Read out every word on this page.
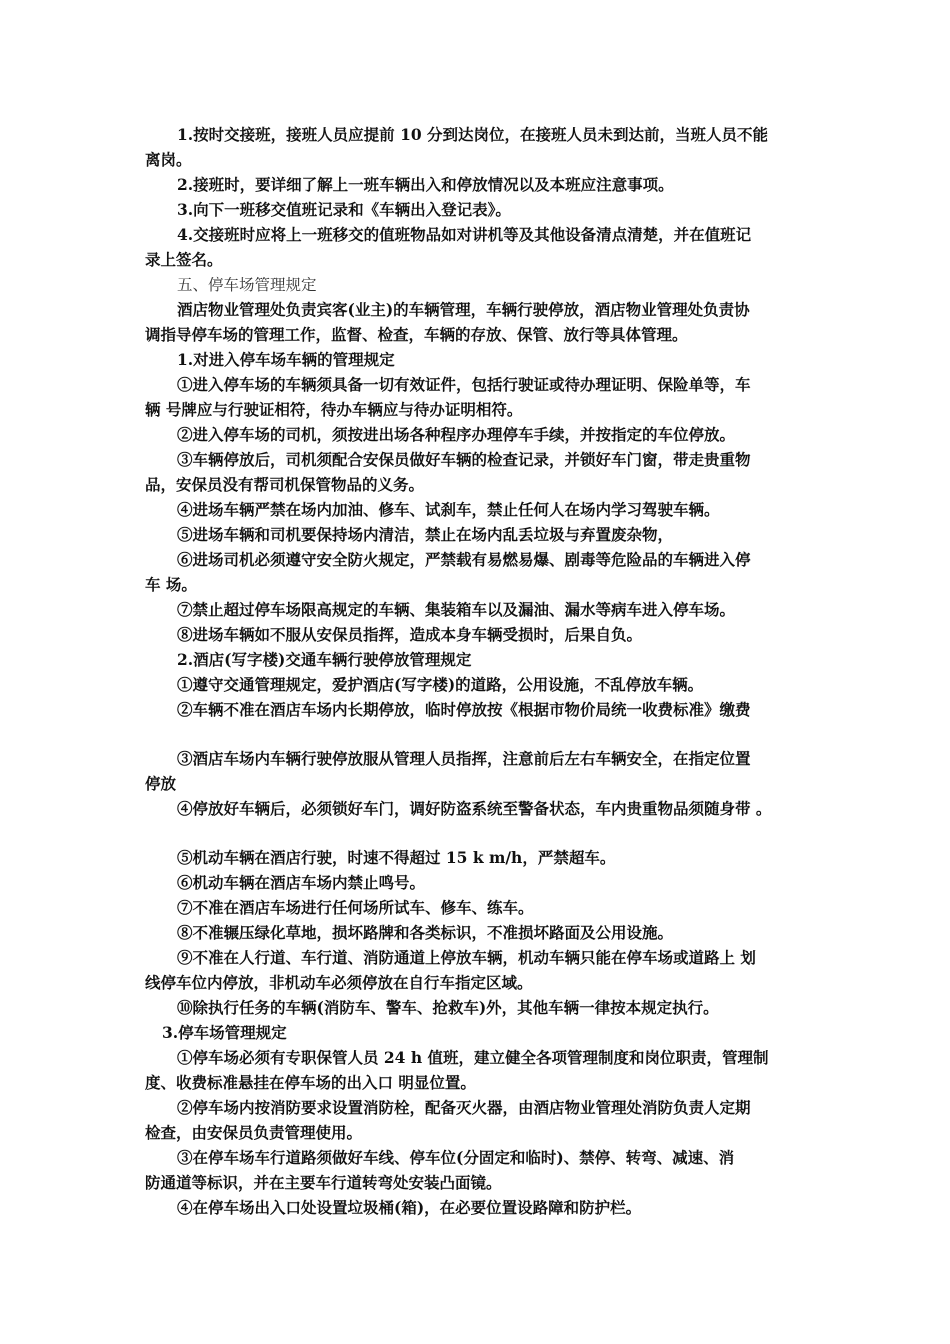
1.按时交接班，接班人员应提前 10 分到达岗位，在接班人员未到达前，当班人员不能
离岗。
2.接班时，要详细了解上一班车辆出入和停放情况以及本班应注意事项。
3.向下一班移交值班记录和《车辆出入登记表》。
4.交接班时应将上一班移交的值班物品如对讲机等及其他设备清点清楚，并在值班记
录上签名。
五、停车场管理规定
酒店物业管理处负责宾客(业主)的车辆管理，车辆行驶停放，酒店物业管理处负责协
调指导停车场的管理工作，监督、检查，车辆的存放、保管、放行等具体管理。
1.对进入停车场车辆的管理规定
①进入停车场的车辆须具备一切有效证件，包括行驶证或待办理证明、保险单等，车
辆 号牌应与行驶证相符，待办车辆应与待办证明相符。
②进入停车场的司机，须按进出场各种程序办理停车手续，并按指定的车位停放。
③车辆停放后，司机须配合安保员做好车辆的检查记录，并锁好车门窗，带走贵重物
品，安保员没有帮司机保管物品的义务。
④进场车辆严禁在场内加油、修车、试刹车，禁止任何人在场内学习驾驶车辆。
⑤进场车辆和司机要保持场内清洁，禁止在场内乱丢垃圾与弃置废杂物，
⑥进场司机必须遵守安全防火规定，严禁载有易燃易爆、剧毒等危险品的车辆进入停
车 场。
⑦禁止超过停车场限高规定的车辆、集装箱车以及漏油、漏水等病车进入停车场。
⑧进场车辆如不服从安保员指挥，造成本身车辆受损时，后果自负。
2.酒店(写字楼)交通车辆行驶停放管理规定
①遵守交通管理规定，爱护酒店(写字楼)的道路，公用设施，不乱停放车辆。
②车辆不准在酒店车场内长期停放，临时停放按《根据市物价局统一收费标准》缴费
③酒店车场内车辆行驶停放服从管理人员指挥，注意前后左右车辆安全，在指定位置
停放
④停放好车辆后，必须锁好车门，调好防盗系统至警备状态，车内贵重物品须随身带 。
⑤机动车辆在酒店行驶，时速不得超过 15 k m/h，严禁超车。
⑥机动车辆在酒店车场内禁止鸣号。
⑦不准在酒店车场进行任何场所试车、修车、练车。
⑧不准辗压绿化草地，损坏路牌和各类标识，不准损坏路面及公用设施。
⑨不准在人行道、车行道、消防通道上停放车辆，机动车辆只能在停车场或道路上 划
线停车位内停放，非机动车必须停放在自行车指定区域。
⑩除执行任务的车辆(消防车、警车、抢救车)外，其他车辆一律按本规定执行。
3.停车场管理规定
①停车场必须有专职保管人员 24 h 值班，建立健全各项管理制度和岗位职责，管理制
度、收费标准悬挂在停车场的出入口 明显位置。
②停车场内按消防要求设置消防栓，配备灭火器，由酒店物业管理处消防负责人定期
检查，由安保员负责管理使用。
③在停车场车行道路须做好车线、停车位(分固定和临时)、禁停、转弯、减速、消
防通道等标识，并在主要车行道转弯处安装凸面镜。
④在停车场出入口处设置垃圾桶(箱)，在必要位置设路障和防护栏。
